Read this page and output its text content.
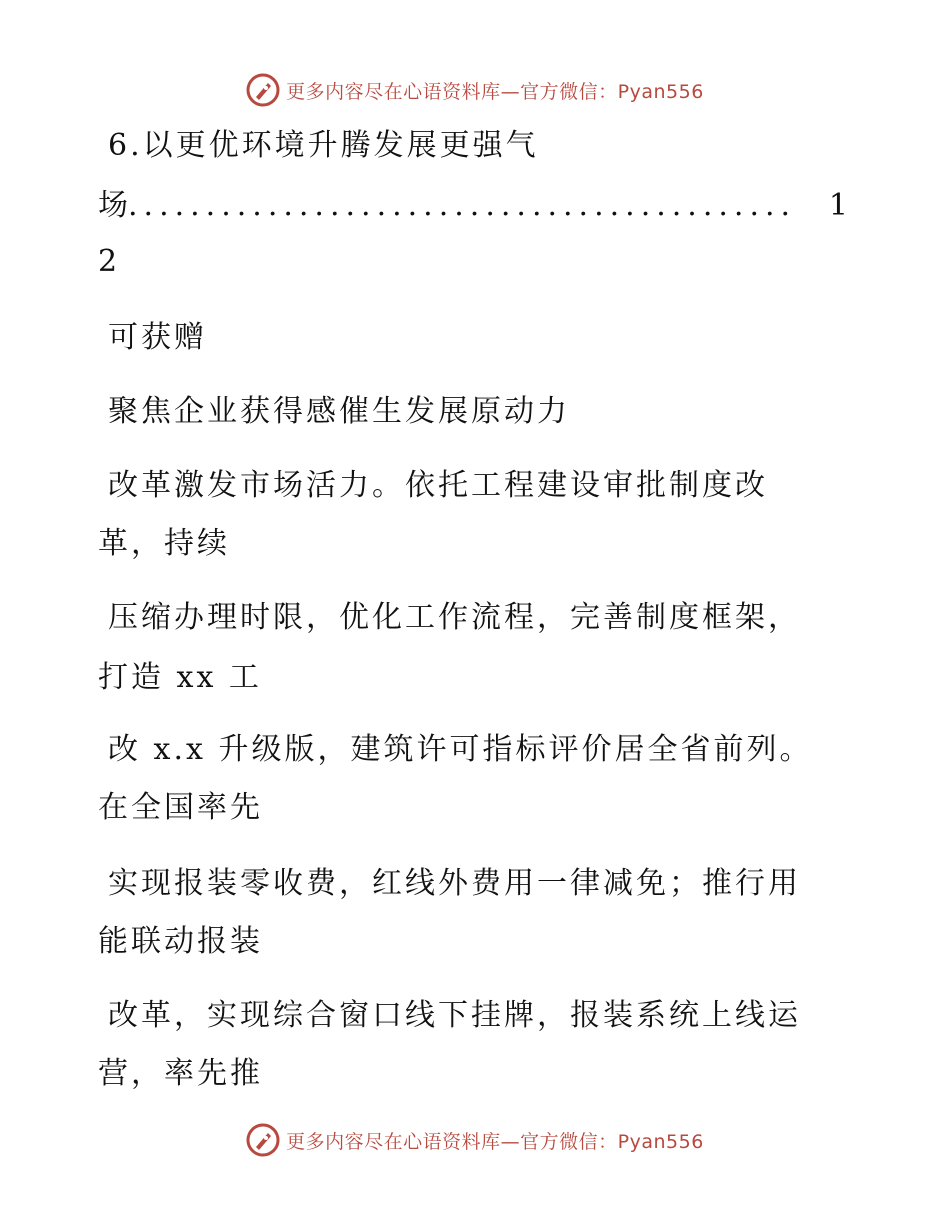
更多内容尽在心语资料库—官方微信：Pyan556
6.以更优环境升腾发展更强气
场 ...........................................	1
2
可获赠
聚焦企业获得感催生发展原动力
改革激发市场活力。依托工程建设审批制度改
革，持续
压缩办理时限，优化工作流程，完善制度框架，
打造 xx 工
改 x.x 升级版，建筑许可指标评价居全省前列。
在全国率先
实现报装零收费，红线外费用一律减免；推行用
能联动报装
改革，实现综合窗口线下挂牌，报装系统上线运
营，率先推
更多内容尽在心语资料库—官方微信：Pyan556
